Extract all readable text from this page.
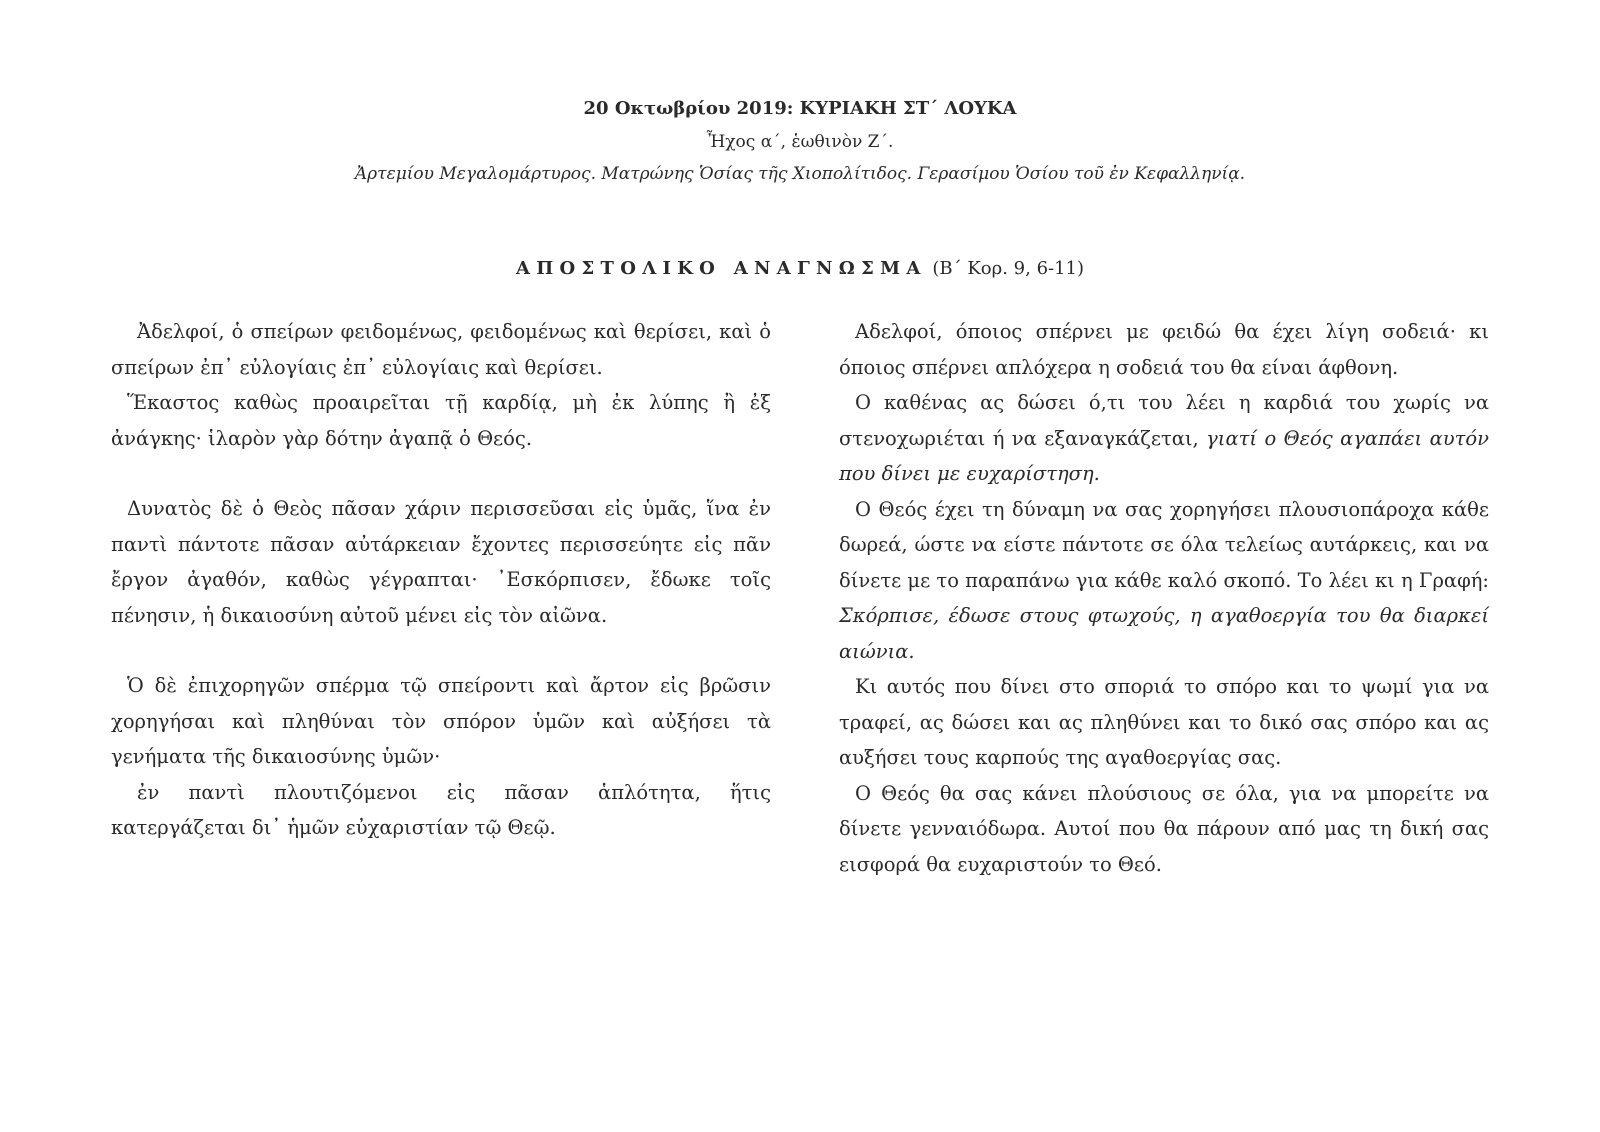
20 Οκτωβρίου 2019: ΚΥΡΙΑΚΗ ΣΤ΄ ΛΟΥΚΑ
Ἦχος α΄, ἑωθινὸν Ζ΄.
Ἀρτεμίου Μεγαλομάρτυρος. Ματρώνης Ὁσίας τῆς Χιοπολίτιδος. Γερασίμου Ὁσίου τοῦ ἐν Κεφαλληνίᾳ.
ΑΠΟΣΤΟΛΙΚΟ ΑΝΑΓΝΩΣΜΑ (Β΄ Κορ. 9, 6-11)

Ἀδελφοί, ὁ σπείρων φειδομένως, φειδομένως καὶ θερίσει, καὶ ὁ σπείρων ἐπ᾽ εὐλογίαις ἐπ᾽ εὐλογίαις καὶ θερίσει.

Ἕκαστος καθὼς προαιρεῖται τῇ καρδίᾳ, μὴ ἐκ λύπης ἢ ἐξ ἀνάγκης· ἱλαρὸν γὰρ δότην ἀγαπᾷ ὁ Θεός.

Δυνατὸς δὲ ὁ Θεὸς πᾶσαν χάριν περισσεῦσαι εἰς ὑμᾶς, ἵνα ἐν παντὶ πάντοτε πᾶσαν αὐτάρκειαν ἔχοντες περισσεύητε εἰς πᾶν ἔργον ἀγαθόν, καθὼς γέγραπται· ᾽Εσκόρπισεν, ἔδωκε τοῖς πένησιν, ἡ δικαιοσύνη αὐτοῦ μένει εἰς τὸν αἰῶνα.

Ὁ δὲ ἐπιχορηγῶν σπέρμα τῷ σπείροντι καὶ ἄρτον εἰς βρῶσιν χορηγήσαι καὶ πληθύναι τὸν σπόρον ὑμῶν καὶ αὐξήσει τὰ γενήματα τῆς δικαιοσύνης ὑμῶν·

ἐν παντὶ πλουτιζόμενοι εἰς πᾶσαν ἁπλότητα, ἥτις κατεργάζεται δι᾽ ἡμῶν εὐχαριστίαν τῷ Θεῷ.

Αδελφοί, όποιος σπέρνει με φειδώ θα έχει λίγη σοδειά· κι όποιος σπέρνει απλόχερα η σοδειά του θα είναι άφθονη.

Ο καθένας ας δώσει ό,τι του λέει η καρδιά του χωρίς να στενοχωριέται ή να εξαναγκάζεται, γιατί ο Θεός αγαπάει αυτόν που δίνει με ευχαρίστηση.

Ο Θεός έχει τη δύναμη να σας χορηγήσει πλουσιοπάροχα κάθε δωρεά, ώστε να είστε πάντοτε σε όλα τελείως αυτάρκεις, και να δίνετε με το παραπάνω για κάθε καλό σκοπό. Το λέει κι η Γραφή: Σκόρπισε, έδωσε στους φτωχούς, η αγαθοεργία του θα διαρκεί αιώνια.

Κι αυτός που δίνει στο σποριά το σπόρο και το ψωμί για να τραφεί, ας δώσει και ας πληθύνει και το δικό σας σπόρο και ας αυξήσει τους καρπούς της αγαθοεργίας σας.

Ο Θεός θα σας κάνει πλούσιους σε όλα, για να μπορείτε να δίνετε γενναιόδωρα. Αυτοί που θα πάρουν από μας τη δική σας εισφορά θα ευχαριστούν το Θεό.
